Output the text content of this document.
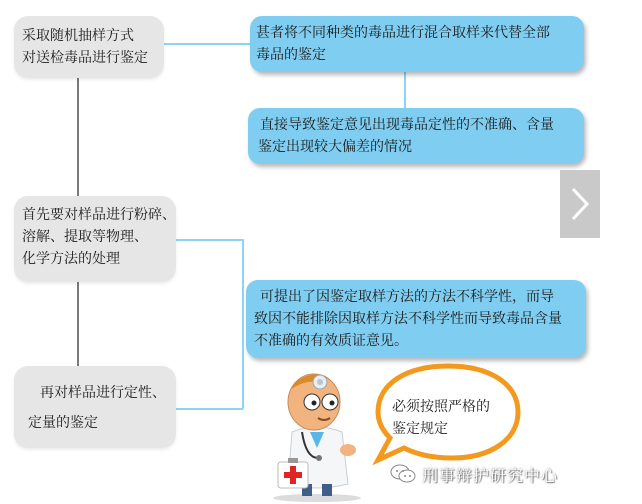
采取随机抽样方式
对送检毒品进行鉴定
首先要对样品进行粉碎、
溶解、提取等物理、
化学方法的处理
再对样品进行定性、
定量的鉴定
甚者将不同种类的毒品进行混合取样来代替全部
毒品的鉴定
直接导致鉴定意见出现毒品定性的不准确、含量
鉴定出现较大偏差的情况
可提出了因鉴定取样方法的方法不科学性，而导
致因不能排除因取样方法不科学性而导致毒品含量
不准确的有效质证意见。
必须按照严格的
鉴定规定
刑事辩护研究中心
